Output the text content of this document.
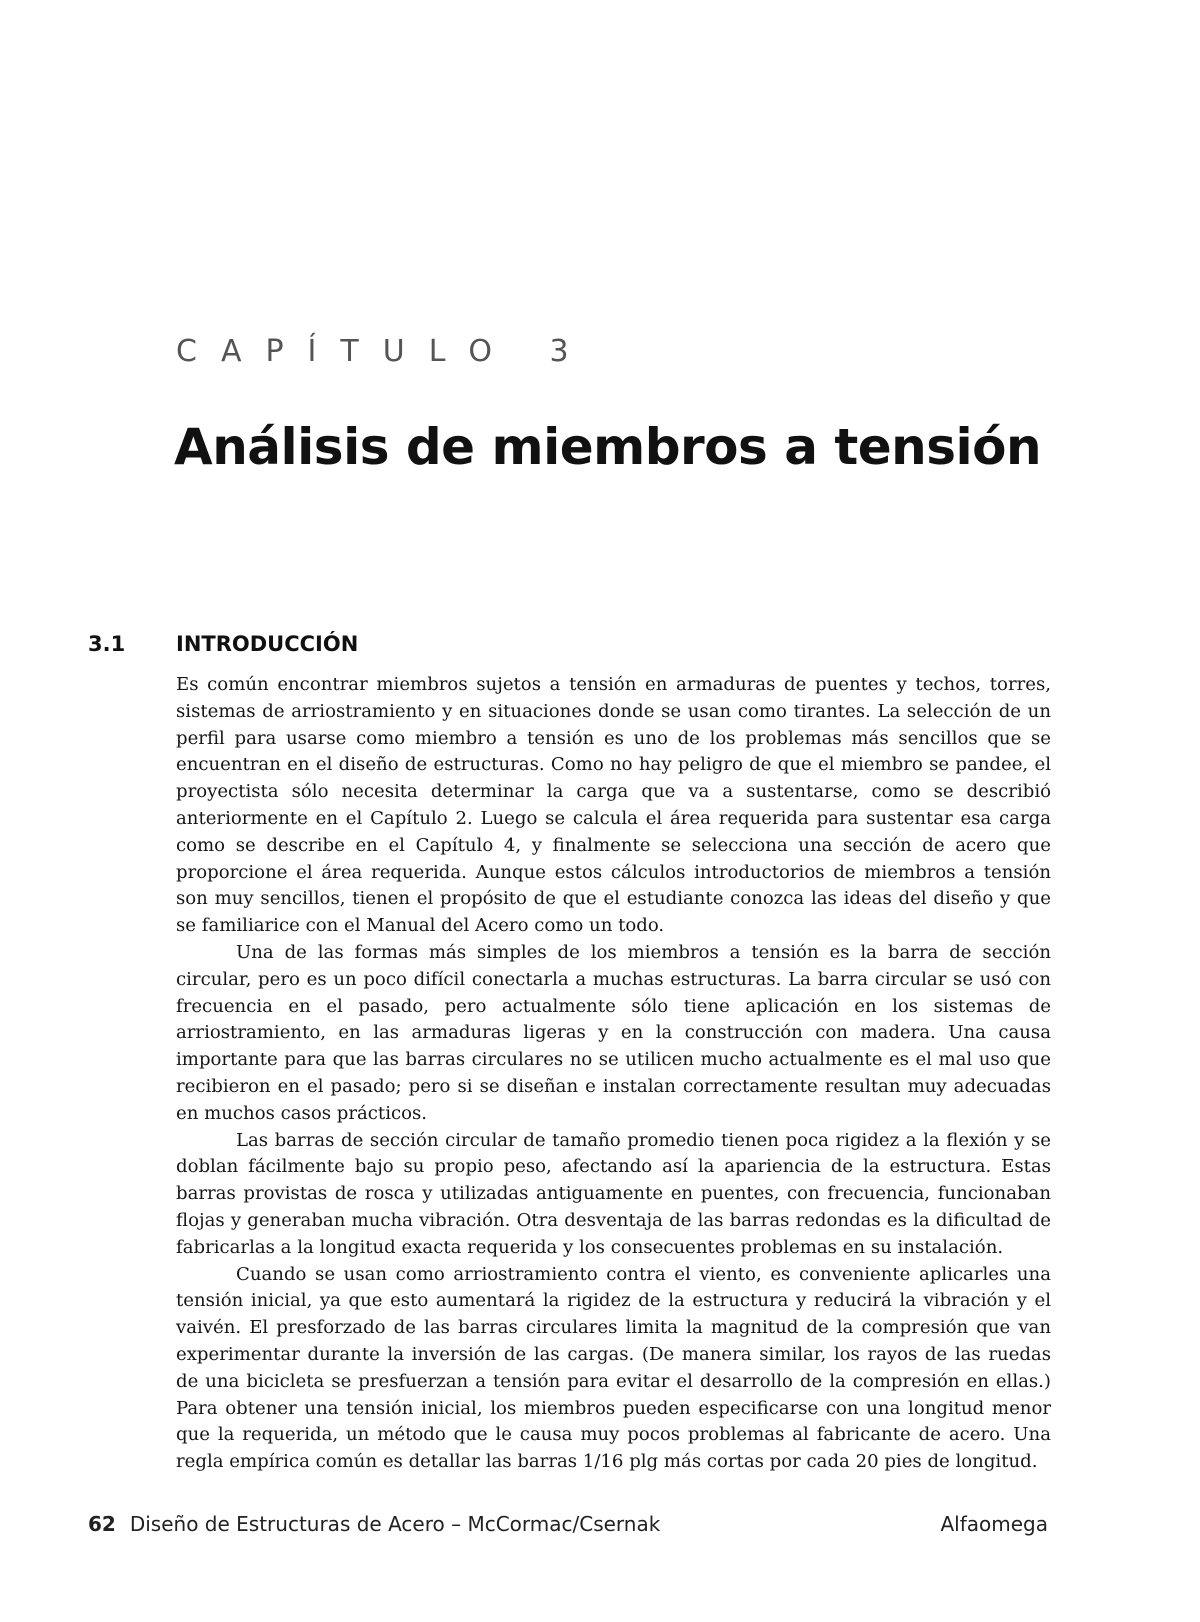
CAPÍTULO 3
Análisis de miembros a tensión
3.1 INTRODUCCIÓN

Es común encontrar miembros sujetos a tensión en armaduras de puentes y techos, torres, sistemas de arriostramiento y en situaciones donde se usan como tirantes. La selección de un perfil para usarse como miembro a tensión es uno de los problemas más sencillos que se encuentran en el diseño de estructuras. Como no hay peligro de que el miembro se pandee, el proyectista sólo necesita determinar la carga que va a sustentarse, como se describió anteriormente en el Capítulo 2. Luego se calcula el área requerida para sustentar esa carga como se describe en el Capítulo 4, y finalmente se selecciona una sección de acero que proporcione el área requerida. Aunque estos cálculos introductorios de miembros a tensión son muy sencillos, tienen el propósito de que el estudiante conozca las ideas del diseño y que se familiarice con el Manual del Acero como un todo.

Una de las formas más simples de los miembros a tensión es la barra de sección circular, pero es un poco difícil conectarla a muchas estructuras. La barra circular se usó con frecuencia en el pasado, pero actualmente sólo tiene aplicación en los sistemas de arriostramiento, en las armaduras ligeras y en la construcción con madera. Una causa importante para que las barras circulares no se utilicen mucho actualmente es el mal uso que recibieron en el pasado; pero si se diseñan e instalan correctamente resultan muy adecuadas en muchos casos prácticos.

Las barras de sección circular de tamaño promedio tienen poca rigidez a la flexión y se doblan fácilmente bajo su propio peso, afectando así la apariencia de la estructura. Estas barras provistas de rosca y utilizadas antiguamente en puentes, con frecuencia, funcionaban flojas y generaban mucha vibración. Otra desventaja de las barras redondas es la dificultad de fabricarlas a la longitud exacta requerida y los consecuentes problemas en su instalación.

Cuando se usan como arriostramiento contra el viento, es conveniente aplicarles una tensión inicial, ya que esto aumentará la rigidez de la estructura y reducirá la vibración y el vaivén. El presforzado de las barras circulares limita la magnitud de la compresión que van experimentar durante la inversión de las cargas. (De manera similar, los rayos de las ruedas de una bicicleta se presfuerzan a tensión para evitar el desarrollo de la compresión en ellas.) Para obtener una tensión inicial, los miembros pueden especificarse con una longitud menor que la requerida, un método que le causa muy pocos problemas al fabricante de acero. Una regla empírica común es detallar las barras 1/16 plg más cortas por cada 20 pies de longitud.

62 Diseño de Estructuras de Acero – McCormac/Csernak	Alfaomega
